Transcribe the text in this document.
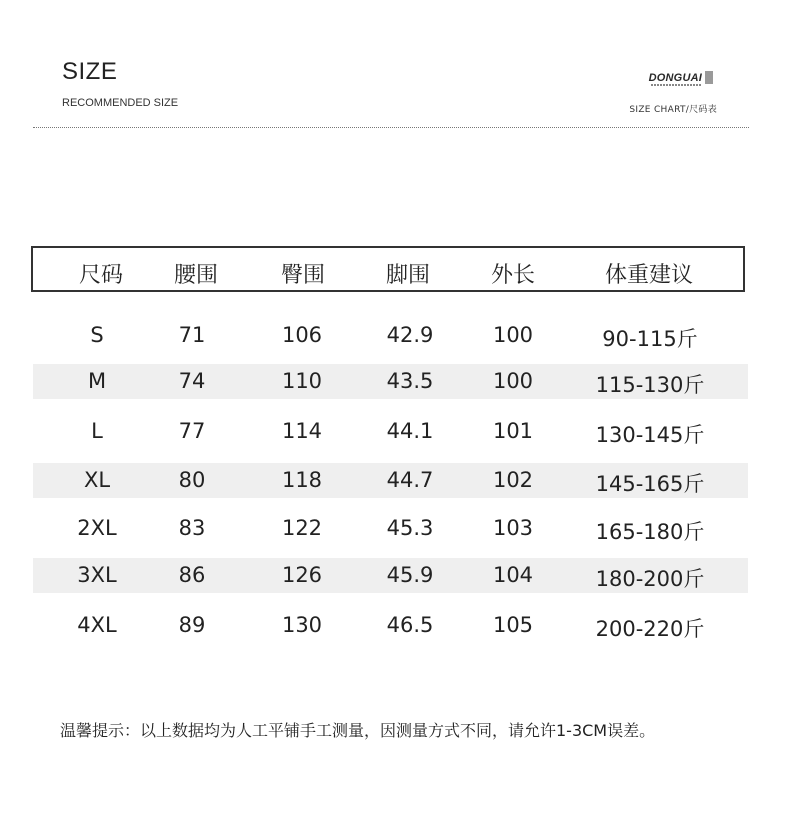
SIZE
RECOMMENDED SIZE
DONGUAI
SIZE CHART/尺码表
尺码 腰围	臀围	脚围	外长	体重建议
S	71	106	42.9	100	90-115斤
M	74	110	43.5	100	115-130斤
L	77	114	44.1	101	130-145斤
XL	80	118	44.7	102	145-165斤
2XL	83	122	45.3	103	165-180斤
3XL	86	126	45.9	104	180-200斤
4XL	89	130	46.5	105	200-220斤
温馨提示：以上数据均为人工平铺手工测量，因测量方式不同，请允许1-3CM误差。
